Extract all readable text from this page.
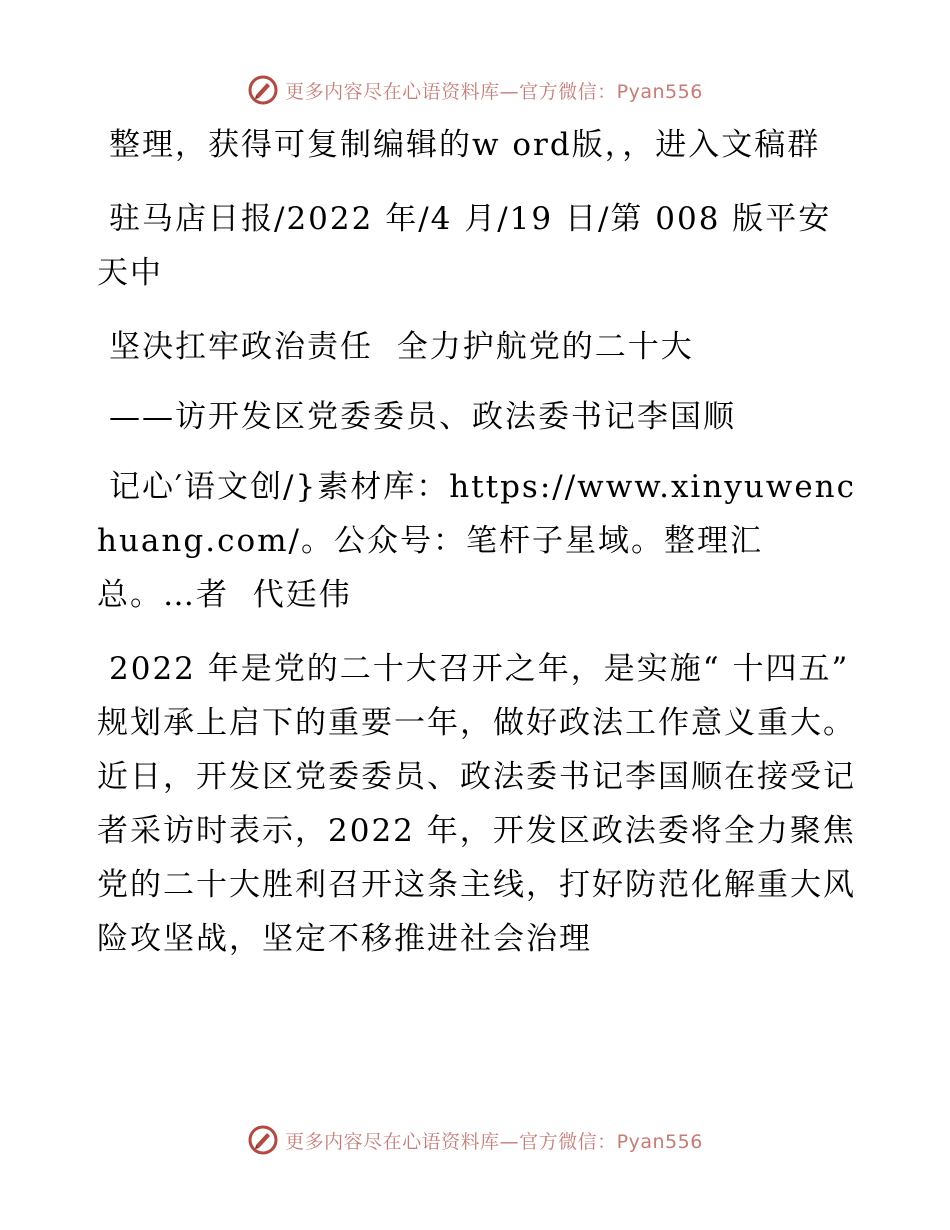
更多内容尽在心语资料库—官方微信：Pyan556

整理，获得可复制编辑的w ord版，，进入文稿群

驻马店日报/2022 年/4 月/19 日/第 008 版平安天中

坚决扛牢政治责任  全力护航党的二十大

——访开发区党委委员、政法委书记李国顺

记心′语文创/}素材库：https://www.xinyuwenchuang.com/。公众号：笔杆子星域。整理汇总。…者  代廷伟

2022 年是党的二十大召开之年，是实施“ 十四五” 规划承上启下的重要一年，做好政法工作意义重大。近日，开发区党委委员、政法委书记李国顺在接受记者采访时表示，2022 年，开发区政法委将全力聚焦党的二十大胜利召开这条主线，打好防范化解重大风险攻坚战，坚定不移推进社会治理

更多内容尽在心语资料库—官方微信：Pyan556
